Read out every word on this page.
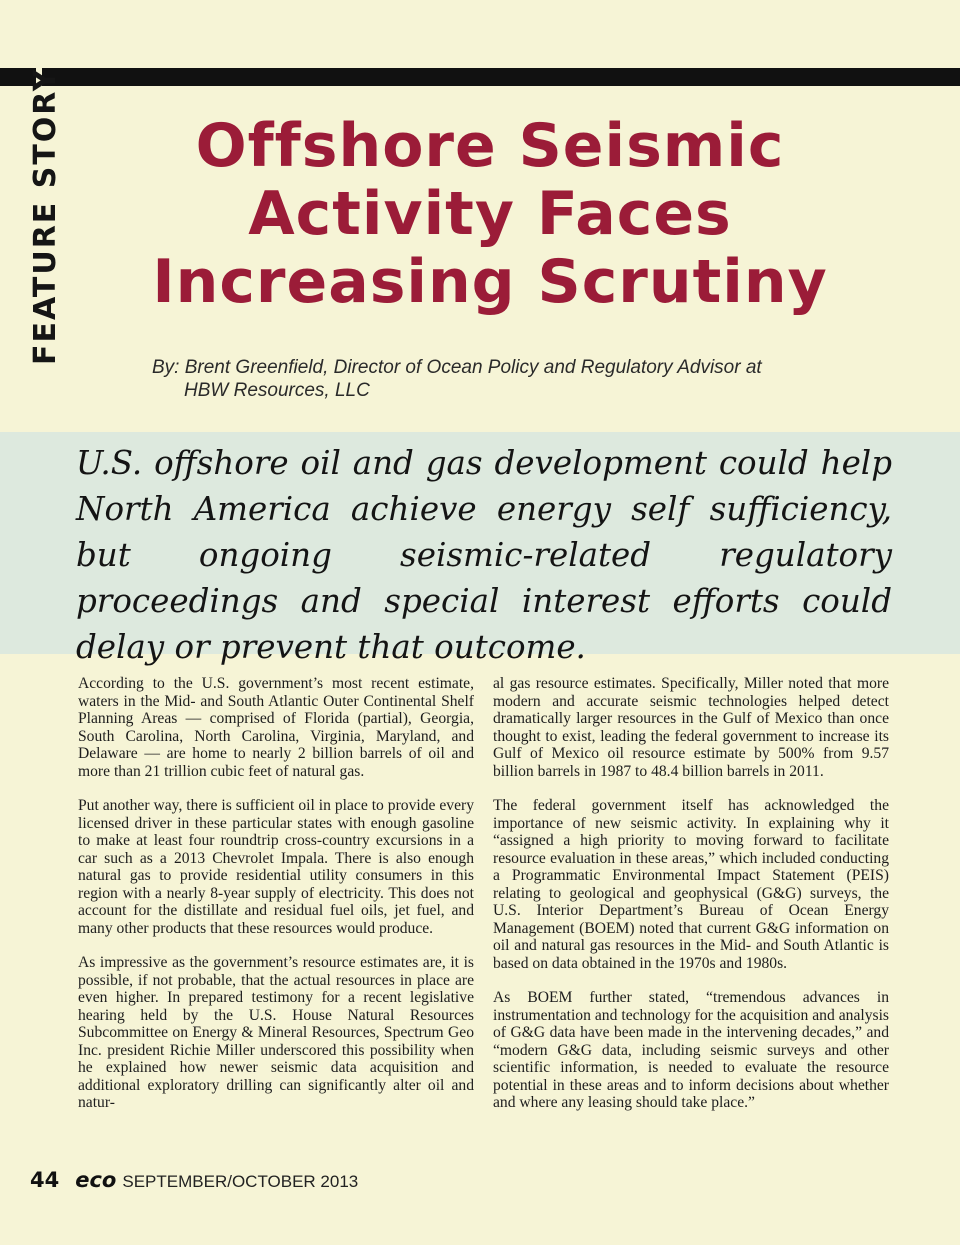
FEATURE STORY	Offshore Seismic Activity Faces Increasing Scrutiny
By: Brent Greenfield, Director of Ocean Policy and Regulatory Advisor at
HBW Resources, LLC

U.S. offshore oil and gas development could help North America achieve energy self sufficiency, but ongoing seismic-related regulatory proceedings and special interest efforts could delay or prevent that outcome.

According to the U.S. government’s most recent estimate, waters in the Mid- and South Atlantic Outer Continental Shelf Planning Areas — comprised of Florida (partial), Georgia, South Carolina, North Carolina, Virginia, Maryland, and Delaware — are home to nearly 2 billion barrels of oil and more than 21 trillion cubic feet of natural gas.

Put another way, there is sufficient oil in place to provide every licensed driver in these particular states with enough gasoline to make at least four roundtrip cross-country excursions in a car such as a 2013 Chevrolet Impala. There is also enough natural gas to provide residential utility consumers in this region with a nearly 8-year supply of electricity. This does not account for the distillate and residual fuel oils, jet fuel, and many other products that these resources would produce.

As impressive as the government’s resource estimates are, it is possible, if not probable, that the actual resources in place are even higher. In prepared testimony for a recent legislative hearing held by the U.S. House Natural Resources Subcommittee on Energy & Mineral Resources, Spectrum Geo Inc. president Richie Miller underscored this possibility when he explained how newer seismic data acquisition and additional exploratory drilling can significantly alter oil and natur-

al gas resource estimates. Specifically, Miller noted that more modern and accurate seismic technologies helped detect dramatically larger resources in the Gulf of Mexico than once thought to exist, leading the federal government to increase its Gulf of Mexico oil resource estimate by 500% from 9.57 billion barrels in 1987 to 48.4 billion barrels in 2011.

The federal government itself has acknowledged the importance of new seismic activity. In explaining why it “assigned a high priority to moving forward to facilitate resource evaluation in these areas,” which included conducting a Programmatic Environmental Impact Statement (PEIS) relating to geological and geophysical (G&G) surveys, the U.S. Interior Department’s Bureau of Ocean Energy Management (BOEM) noted that current G&G information on oil and natural gas resources in the Mid- and South Atlantic is based on data obtained in the 1970s and 1980s.

As BOEM further stated, “tremendous advances in instrumentation and technology for the acquisition and analysis of G&G data have been made in the intervening decades,” and “modern G&G data, including seismic surveys and other scientific information, is needed to evaluate the resource potential in these areas and to inform decisions about whether and where any leasing should take place.”

44 eco SEPTEMBER/OCTOBER 2013
